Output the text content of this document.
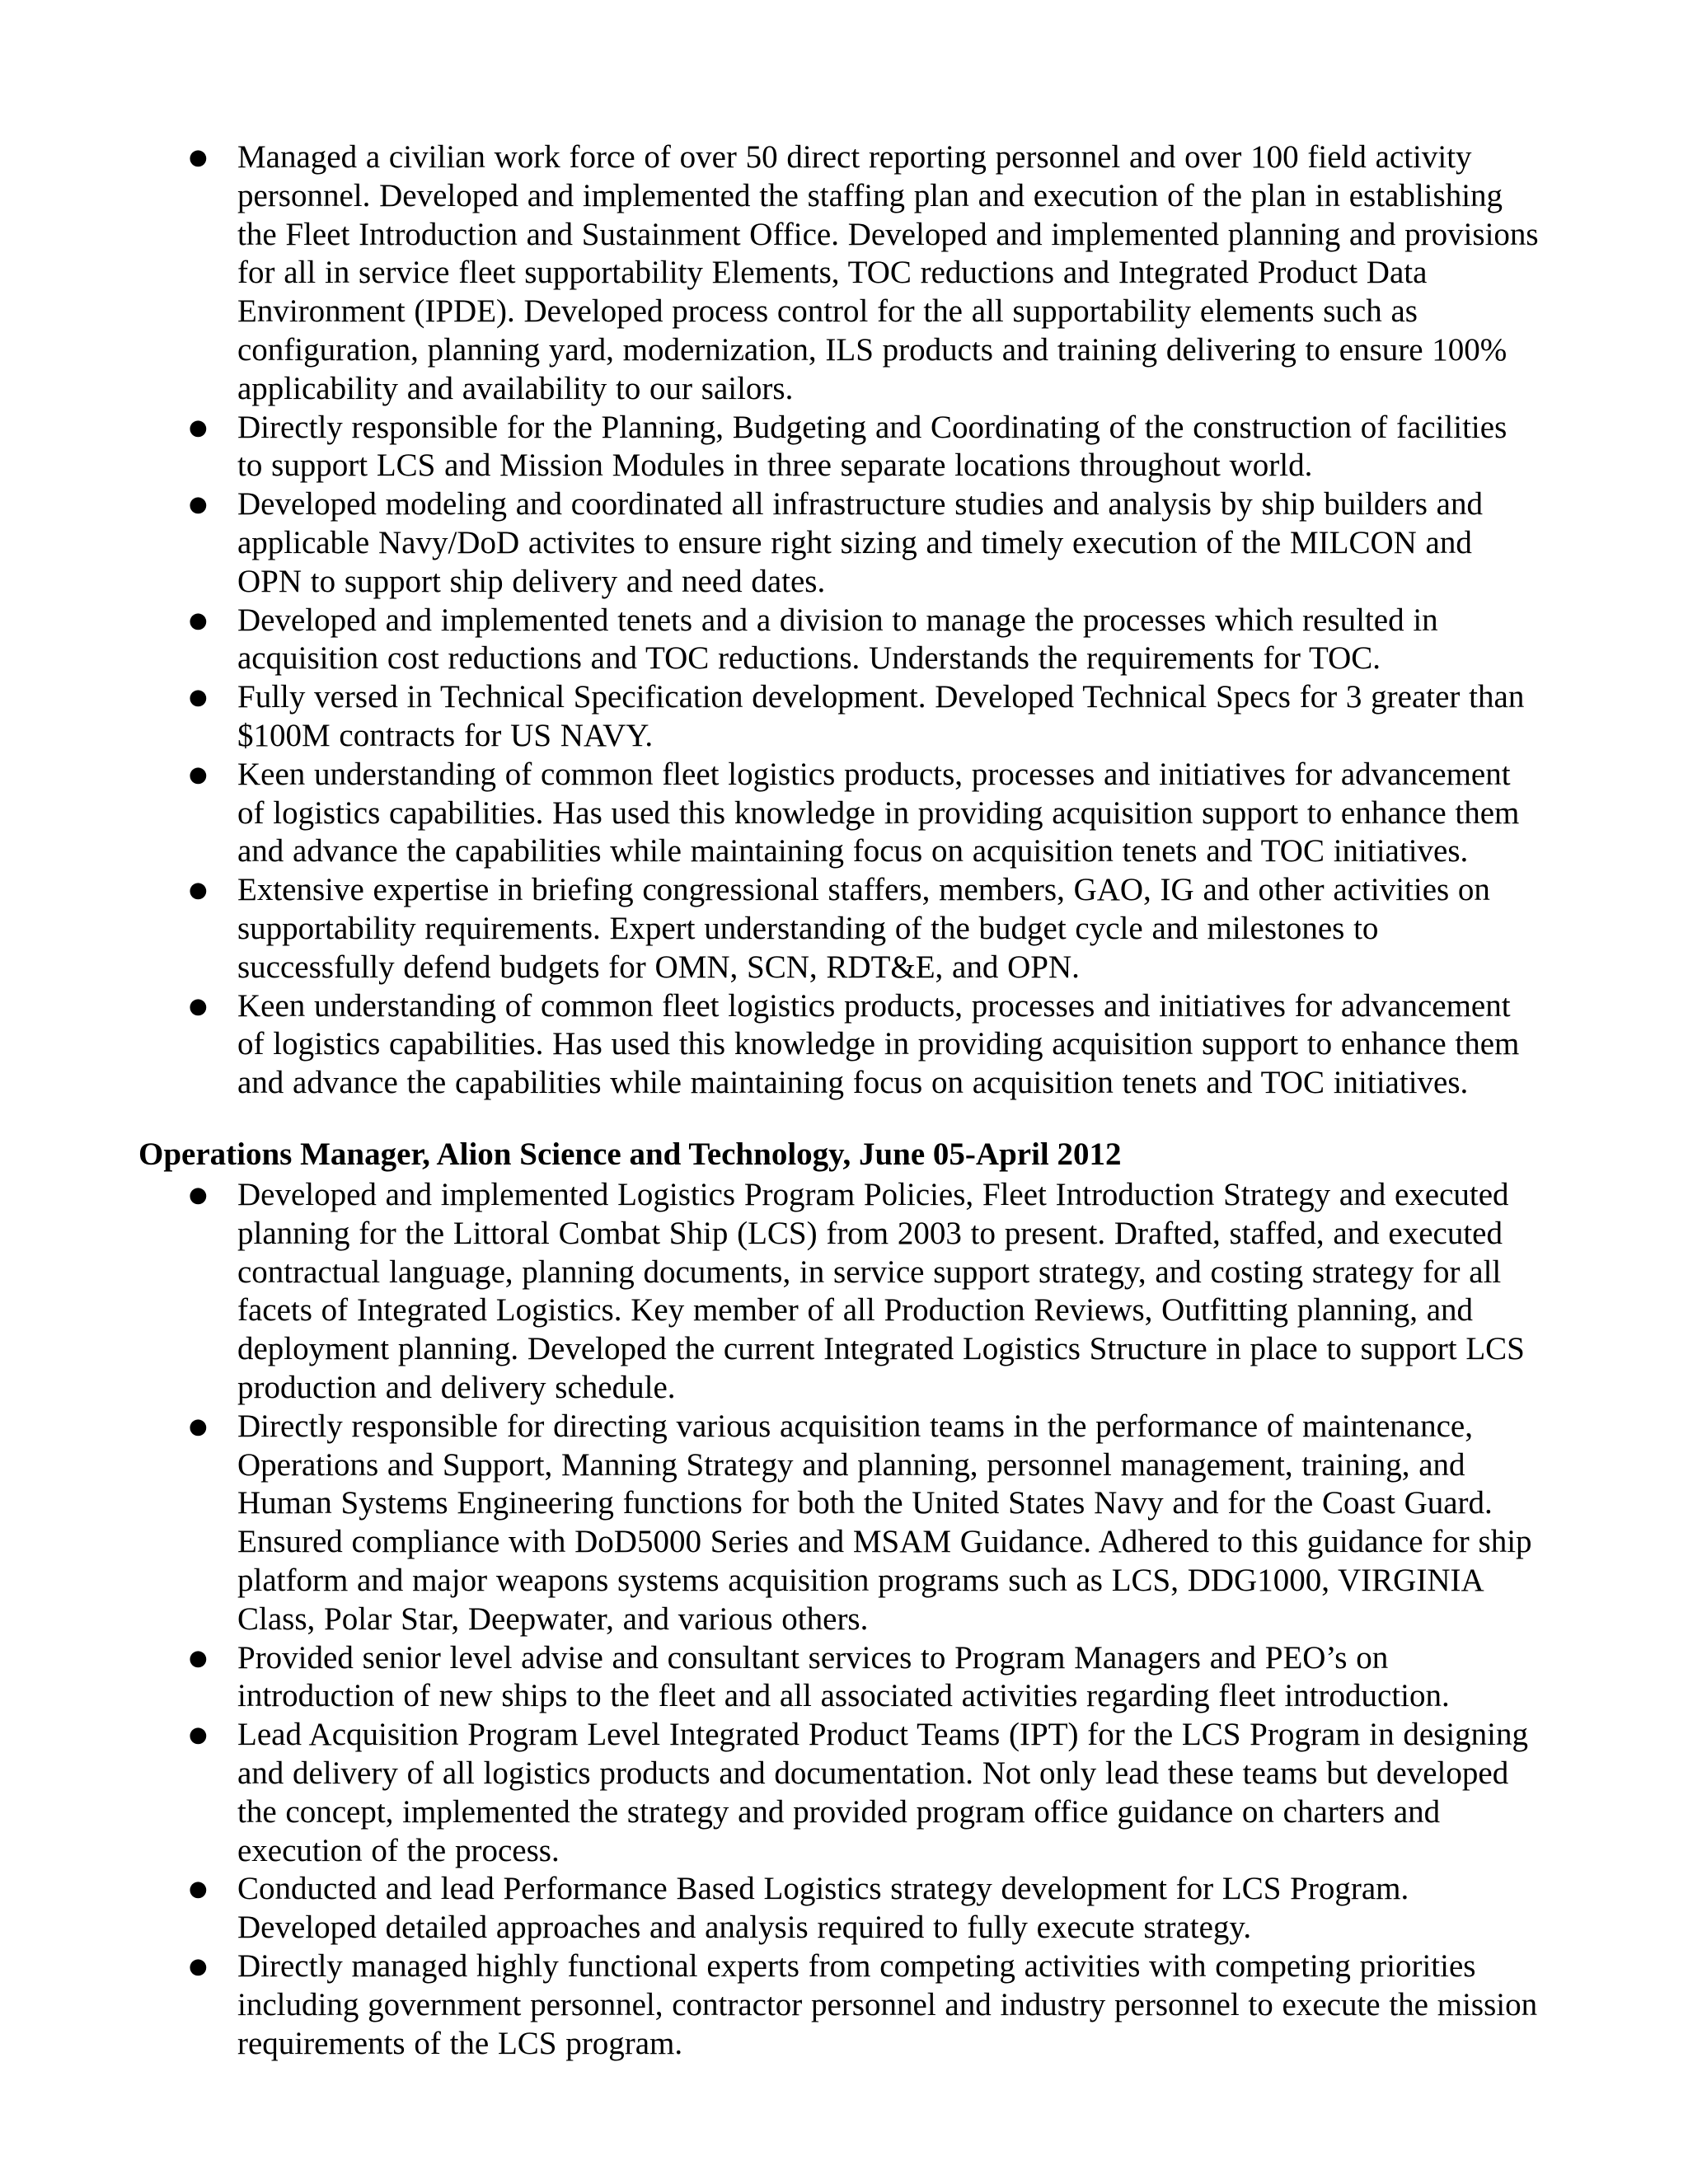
● Managed a civilian work force of over 50 direct reporting personnel and over 100 field activity personnel. Developed and implemented the staffing plan and execution of the plan in establishing the Fleet Introduction and Sustainment Office. Developed and implemented planning and provisions for all in service fleet supportability Elements, TOC reductions and Integrated Product Data Environment (IPDE). Developed process control for the all supportability elements such as configuration, planning yard, modernization, ILS products and training delivering to ensure 100% applicability and availability to our sailors.
● Directly responsible for the Planning, Budgeting and Coordinating of the construction of facilities to support LCS and Mission Modules in three separate locations throughout world.
● Developed modeling and coordinated all infrastructure studies and analysis by ship builders and applicable Navy/DoD activites to ensure right sizing and timely execution of the MILCON and OPN to support ship delivery and need dates.
● Developed and implemented tenets and a division to manage the processes which resulted in acquisition cost reductions and TOC reductions. Understands the requirements for TOC.
● Fully versed in Technical Specification development. Developed Technical Specs for 3 greater than $100M contracts for US NAVY.
● Keen understanding of common fleet logistics products, processes and initiatives for advancement of logistics capabilities. Has used this knowledge in providing acquisition support to enhance them and advance the capabilities while maintaining focus on acquisition tenets and TOC initiatives.
● Extensive expertise in briefing congressional staffers, members, GAO, IG and other activities on supportability requirements. Expert understanding of the budget cycle and milestones to successfully defend budgets for OMN, SCN, RDT&E, and OPN.
● Keen understanding of common fleet logistics products, processes and initiatives for advancement of logistics capabilities. Has used this knowledge in providing acquisition support to enhance them and advance the capabilities while maintaining focus on acquisition tenets and TOC initiatives.
Operations Manager, Alion Science and Technology, June 05-April 2012
● Developed and implemented Logistics Program Policies, Fleet Introduction Strategy and executed planning for the Littoral Combat Ship (LCS) from 2003 to present. Drafted, staffed, and executed contractual language, planning documents, in service support strategy, and costing strategy for all facets of Integrated Logistics. Key member of all Production Reviews, Outfitting planning, and deployment planning. Developed the current Integrated Logistics Structure in place to support LCS production and delivery schedule.
● Directly responsible for directing various acquisition teams in the performance of maintenance, Operations and Support, Manning Strategy and planning, personnel management, training, and Human Systems Engineering functions for both the United States Navy and for the Coast Guard. Ensured compliance with DoD5000 Series and MSAM Guidance. Adhered to this guidance for ship platform and major weapons systems acquisition programs such as LCS, DDG1000, VIRGINIA Class, Polar Star, Deepwater, and various others.
● Provided senior level advise and consultant services to Program Managers and PEO’s on introduction of new ships to the fleet and all associated activities regarding fleet introduction.
● Lead Acquisition Program Level Integrated Product Teams (IPT) for the LCS Program in designing and delivery of all logistics products and documentation. Not only lead these teams but developed the concept, implemented the strategy and provided program office guidance on charters and execution of the process.
● Conducted and lead Performance Based Logistics strategy development for LCS Program. Developed detailed approaches and analysis required to fully execute strategy.
● Directly managed highly functional experts from competing activities with competing priorities including government personnel, contractor personnel and industry personnel to execute the mission requirements of the LCS program.
